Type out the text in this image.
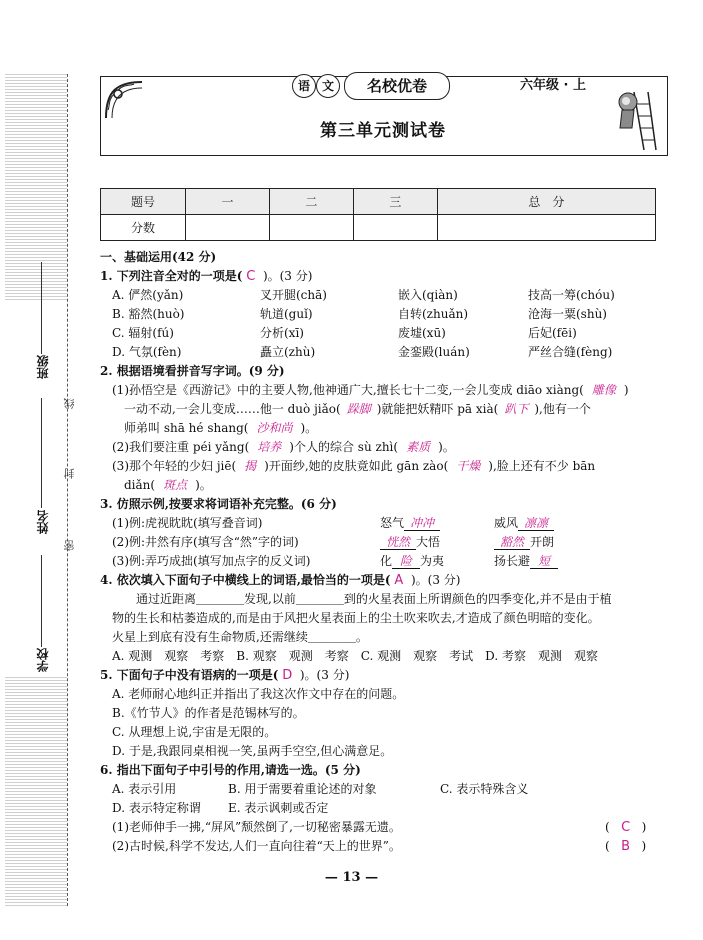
班级
姓名
学校
线
封
密
语 文	名校优卷	六年级 · 上
第三单元测试卷
题号	一	二	三	总　分
分数				
一、基础运用(42 分)
1. 下列注音全对的一项是( C )。(3 分)
A. 俨然(yǎn)	叉开腿(chā)	嵌入(qiàn)	技高一筹(chóu)
B. 豁然(huò)	轨道(guǐ)	自转(zhuǎn)	沧海一粟(shù)
C. 辐射(fú)	分析(xī)	废墟(xū)	后妃(fēi)
D. 气氛(fèn)	矗立(zhù)	金銮殿(luán)	严丝合缝(fèng)
2. 根据语境看拼音写字词。(9 分)
(1)孙悟空是《西游记》中的主要人物,他神通广大,擅长七十二变,一会儿变成 diāo xiàng( 雕像 )
一动不动,一会儿变成……他一 duò jiǎo( 跺脚 )就能把妖精吓 pā xià( 趴下 ),他有一个
师弟叫 shā hé shang( 沙和尚 )。
(2)我们要注重 péi yǎng( 培养 )个人的综合 sù zhì( 素质 )。
(3)那个年轻的少妇 jiē( 揭 )开面纱,她的皮肤竟如此 gān zào( 干燥 ),脸上还有不少 bān
diǎn( 斑点 )。
3. 仿照示例,按要求将词语补充完整。(6 分)
(1)例:虎视眈眈(填写叠音词)	怒气 冲冲	威风 凛凛
(2)例:井然有序(填写含“然”字的词)	恍然 大悟	豁然 开朗
(3)例:弄巧成拙(填写加点字的反义词)	化 险 为夷	扬长避 短
4. 依次填入下面句子中横线上的词语,最恰当的一项是( A )。(3 分)
通过近距离＿＿＿＿发现,以前＿＿＿＿到的火星表面上所谓颜色的四季变化,并不是由于植
物的生长和枯萎造成的,而是由于风把火星表面上的尘土吹来吹去,才造成了颜色明暗的变化。
火星上到底有没有生命物质,还需继续＿＿＿＿。
A. 观测　观察　考察　B. 观察　观测　考察　C. 观测　观察　考试　D. 考察　观测　观察
5. 下面句子中没有语病的一项是( D )。(3 分)
A. 老师耐心地纠正并指出了我这次作文中存在的问题。
B.《竹节人》的作者是范锡林写的。
C. 从理想上说,宇宙是无限的。
D. 于是,我跟同桌相视一笑,虽两手空空,但心满意足。
6. 指出下面句子中引号的作用,请选一选。(5 分)
A. 表示引用	B. 用于需要着重论述的对象	C. 表示特殊含义
D. 表示特定称谓 E. 表示讽刺或否定
(1)老师伸手一拂,“屏风”颓然倒了,一切秘密暴露无遗。	(   C   )
(2)古时候,科学不发达,人们一直向往着“天上的世界”。	(   B   )
— 13 —
